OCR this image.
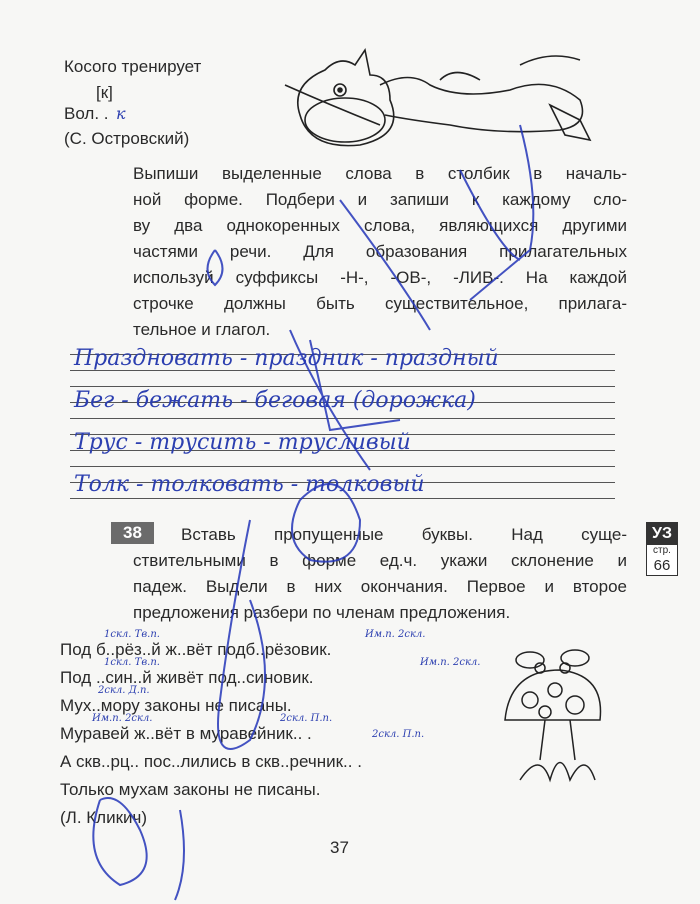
Косого тренирует
[к]
Вол. . к
(С. Островский)
Выпиши выделенные слова в столбик в началь-
ной форме. Подбери и запиши к каждому сло-
ву два однокоренных слова, являющихся другими
частями речи. Для образования прилагательных
используй суффиксы -Н-, -ОВ-, -ЛИВ-. На каждой
строчке должны быть существительное, прилага-
тельное и глагол.
Праздновать - праздник - праздный
Бег - бежать - беговая (дорожка)
Трус - трусить - трусливый
Толк - толковать - толковый
38	Вставь пропущенные буквы. Над суще-
ствительными в форме ед.ч. укажи склонение и
падеж. Выдели в них окончания. Первое и второе
предложения разбери по членам предложения.
УЗ
стр.
66
Под б..рёз..й ж..вёт подб..рёзовик.
Под ..син..й живёт под..синовик.
Мух..мору законы не писаны.
Муравей ж..вёт в муравейник.. .
А скв..рц.. пос..лились в скв..речник.. .
Только мухам законы не писаны.
(Л. Кликич)
1скл. Тв.п.	Им.п. 2скл.
1скл. Тв.п.	Им.п. 2скл.
2скл. Д.п.
Им.п. 2скл.	2скл. П.п.
2скл. П.п.
37
